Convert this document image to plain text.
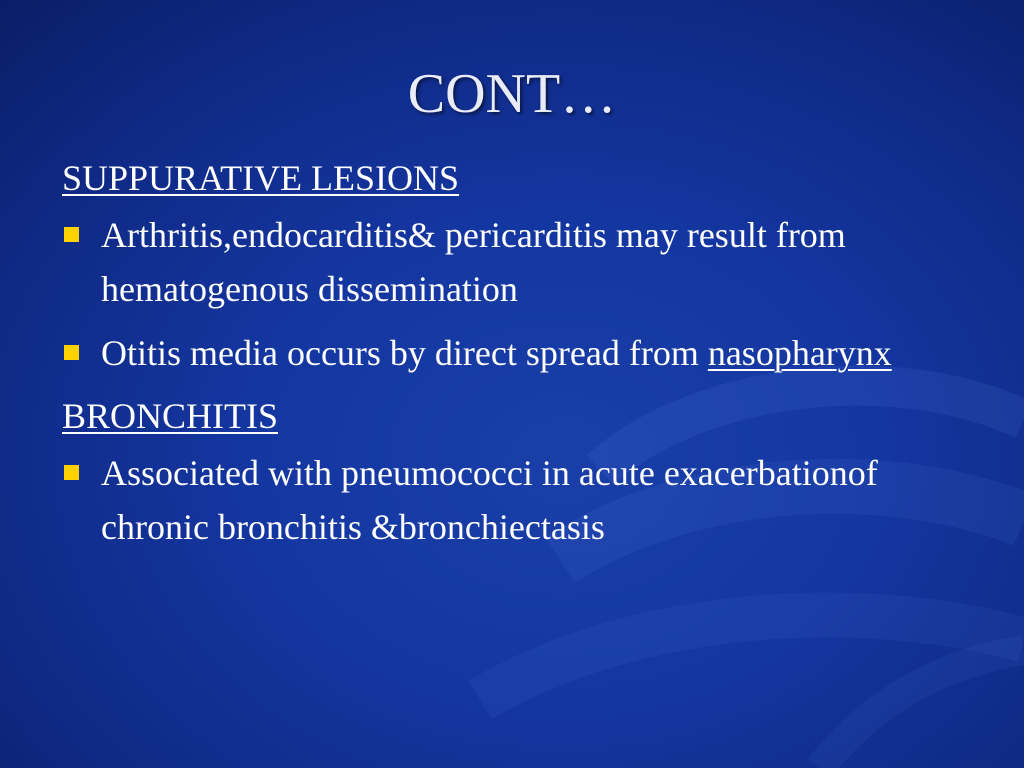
CONT…

SUPPURATIVE LESIONS

Arthritis,endocarditis& pericarditis may result from hematogenous dissemination
Otitis media occurs by direct spread from nasopharynx

BRONCHITIS

Associated with pneumococci in acute exacerbationof chronic bronchitis &bronchiectasis
